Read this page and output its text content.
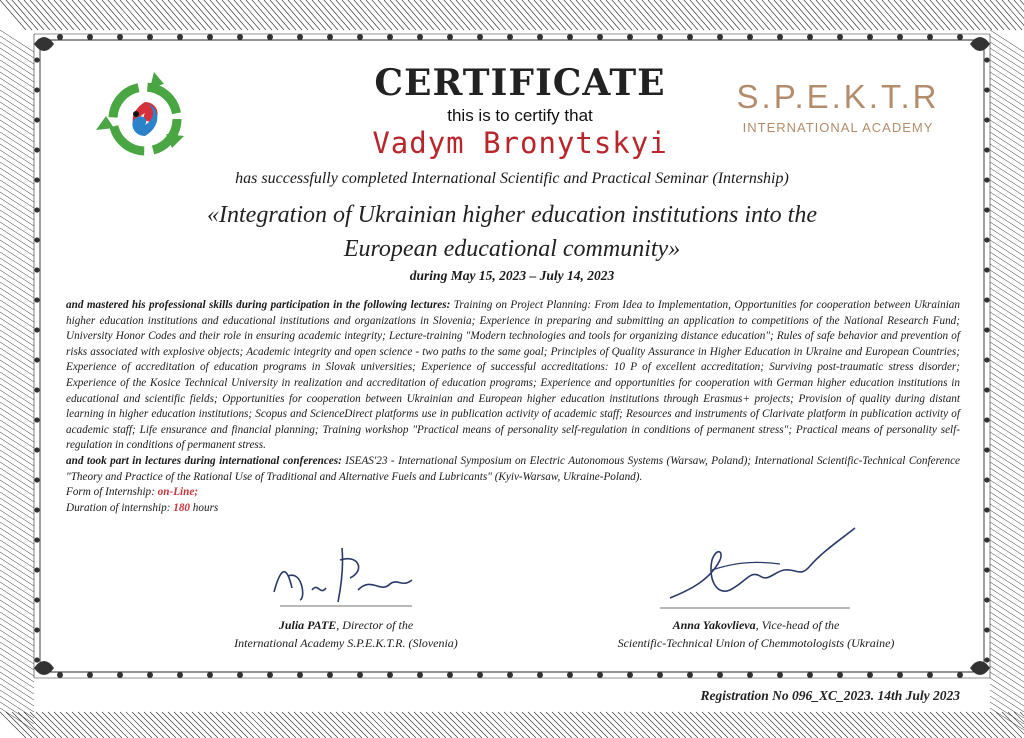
CERTIFICATE
this is to certify that
Vadym Bronytskyi
S.P.E.K.T.R
INTERNATIONAL ACADEMY
has successfully completed International Scientific and Practical Seminar (Internship)
«Integration of Ukrainian higher education institutions into the
European educational community»
during May 15, 2023 – July 14, 2023

and mastered his professional skills during participation in the following lectures: Training on Project Planning: From Idea to Implementation, Opportunities for cooperation between Ukrainian higher education institutions and educational institutions and organizations in Slovenia; Experience in preparing and submitting an application to competitions of the National Research Fund; University Honor Codes and their role in ensuring academic integrity; Lecture-training "Modern technologies and tools for organizing distance education"; Rules of safe behavior and prevention of risks associated with explosive objects; Academic integrity and open science - two paths to the same goal; Principles of Quality Assurance in Higher Education in Ukraine and European Countries; Experience of accreditation of education programs in Slovak universities; Experience of successful accreditations: 10 P of excellent accreditation; Surviving post-traumatic stress disorder; Experience of the Kosice Technical University in realization and accreditation of education programs; Experience and opportunities for cooperation with German higher education institutions in educational and scientific fields; Opportunities for cooperation between Ukrainian and European higher education institutions through Erasmus+ projects; Provision of quality during distant learning in higher education institutions; Scopus and ScienceDirect platforms use in publication activity of academic staff; Resources and instruments of Clarivate platform in publication activity of academic staff; Life ensurance and financial planning; Training workshop "Practical means of personality self-regulation in conditions of permanent stress"; Practical means of personality self-regulation in conditions of permanent stress.

and took part in lectures during international conferences: ISEAS'23 - International Symposium on Electric Autonomous Systems (Warsaw, Poland); International Scientific-Technical Conference "Theory and Practice of the Rational Use of Traditional and Alternative Fuels and Lubricants" (Kyiv-Warsaw, Ukraine-Poland).

Form of Internship: on-Line;

Duration of internship: 180 hours

Julia PATE, Director of the
International Academy S.P.E.K.T.R. (Slovenia)
Anna Yakovlieva, Vice-head of the
Scientific-Technical Union of Chemmotologists (Ukraine)
Registration No 096_XC_2023. 14th July 2023
